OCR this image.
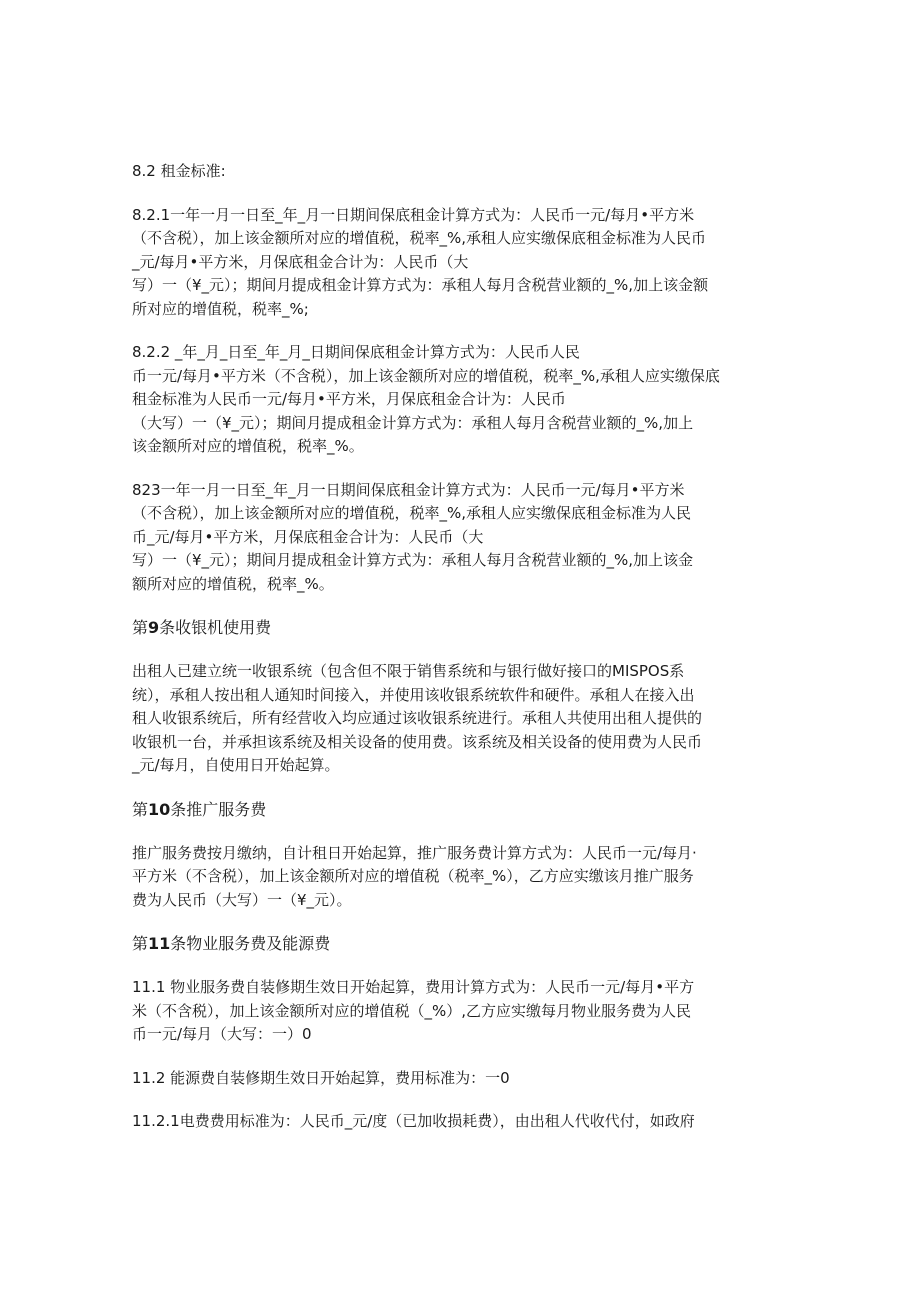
8.2 租金标准:
8.2.1一年一月一日至_年_月一日期间保底租金计算方式为：人民币一元/每月•平方米
（不含税），加上该金额所对应的增值税，税率_%,承租人应实缴保底租金标准为人民币
_元/每月•平方米，月保底租金合计为：人民币（大
写）一（¥_元）；期间月提成租金计算方式为：承租人每月含税营业额的_%,加上该金额
所对应的增值税，税率_%;
8.2.2 _年_月_日至_年_月_日期间保底租金计算方式为：人民币人民
币一元/每月•平方米（不含税），加上该金额所对应的增值税，税率_%,承租人应实缴保底
租金标准为人民币一元/每月•平方米，月保底租金合计为：人民币
（大写）一（¥_元）；期间月提成租金计算方式为：承租人每月含税营业额的_%,加上
该金额所对应的增值税，税率_%。
823一年一月一日至_年_月一日期间保底租金计算方式为：人民币一元/每月•平方米
（不含税），加上该金额所对应的增值税，税率_%,承租人应实缴保底租金标准为人民
币_元/每月•平方米，月保底租金合计为：人民币（大
写）一（¥_元）；期间月提成租金计算方式为：承租人每月含税营业额的_%,加上该金
额所对应的增值税，税率_%。
第9条收银机使用费
出租人已建立统一收银系统（包含但不限于销售系统和与银行做好接口的MISPOS系
统），承租人按出租人通知时间接入，并使用该收银系统软件和硬件。承租人在接入出
租人收银系统后，所有经营收入均应通过该收银系统进行。承租人共使用出租人提供的
收银机一台，并承担该系统及相关设备的使用费。该系统及相关设备的使用费为人民币
_元/每月，自使用日开始起算。
第10条推广服务费
推广服务费按月缴纳，自计租日开始起算，推广服务费计算方式为：人民币一元/每月·
平方米（不含税），加上该金额所对应的增值税（税率_%），乙方应实缴该月推广服务
费为人民币（大写）一（¥_元）。
第11条物业服务费及能源费
11.1 物业服务费自装修期生效日开始起算，费用计算方式为：人民币一元/每月•平方
米（不含税），加上该金额所对应的增值税（_%）,乙方应实缴每月物业服务费为人民
币一元/每月（大写：一）0
11.2 能源费自装修期生效日开始起算，费用标准为：一0
11.2.1电费费用标准为：人民币_元/度（已加收损耗费），由出租人代收代付，如政府
